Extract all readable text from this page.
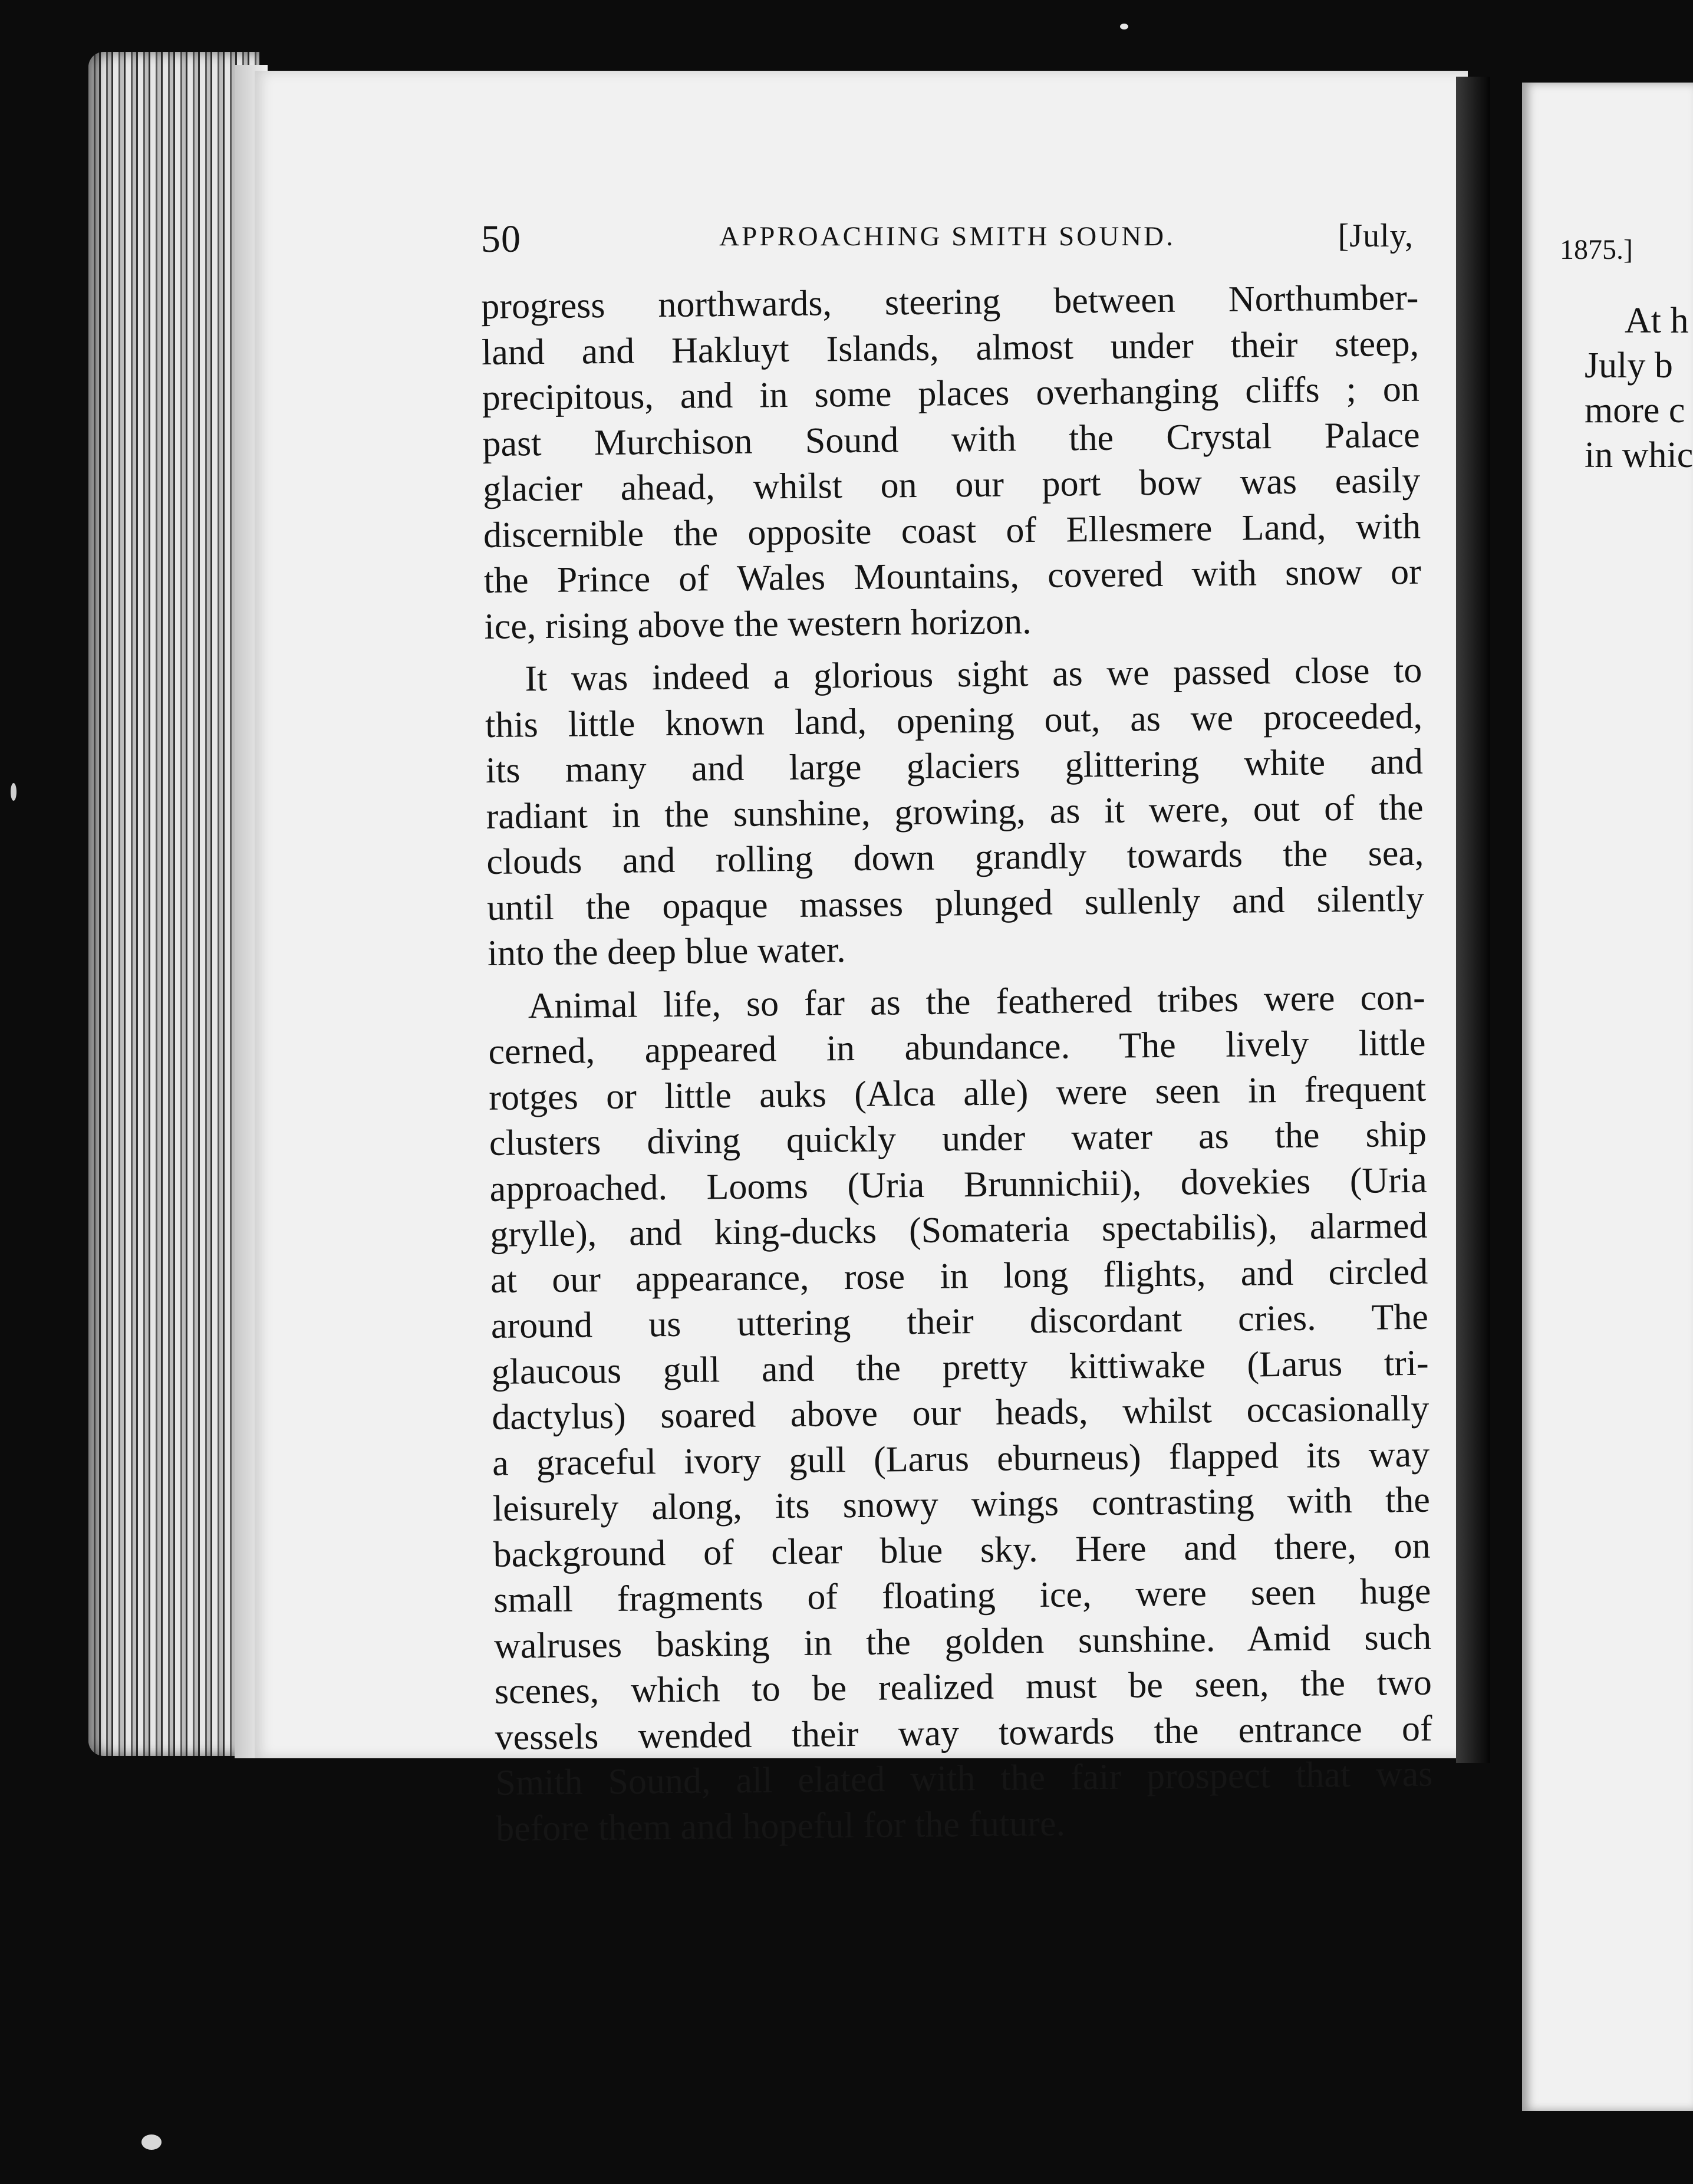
50	APPROACHING SMITH SOUND.	[July,
progress northwards, steering between Northumber-
land and Hakluyt Islands, almost under their steep,
precipitous, and in some places overhanging cliffs ; on
past Murchison Sound with the Crystal Palace
glacier ahead, whilst on our port bow was easily
discernible the opposite coast of Ellesmere Land, with
the Prince of Wales Mountains, covered with snow or
ice, rising above the western horizon.
It was indeed a glorious sight as we passed close to
this little known land, opening out, as we proceeded,
its many and large glaciers glittering white and
radiant in the sunshine, growing, as it were, out of the
clouds and rolling down grandly towards the sea,
until the opaque masses plunged sullenly and silently
into the deep blue water.
Animal life, so far as the feathered tribes were con-
cerned, appeared in abundance. The lively little
rotges or little auks (Alca alle) were seen in frequent
clusters diving quickly under water as the ship
approached. Looms (Uria Brunnichii), dovekies (Uria
grylle), and king-ducks (Somateria spectabilis), alarmed
at our appearance, rose in long flights, and circled
around us uttering their discordant cries. The
glaucous gull and the pretty kittiwake (Larus tri-
dactylus) soared above our heads, whilst occasionally
a graceful ivory gull (Larus eburneus) flapped its way
leisurely along, its snowy wings contrasting with the
background of clear blue sky. Here and there, on
small fragments of floating ice, were seen huge
walruses basking in the golden sunshine. Amid such
scenes, which to be realized must be seen, the two
vessels wended their way towards the entrance of
Smith Sound, all elated with the fair prospect that was
before them and hopeful for the future.
1875.]
At h
July b
more c
in whic
